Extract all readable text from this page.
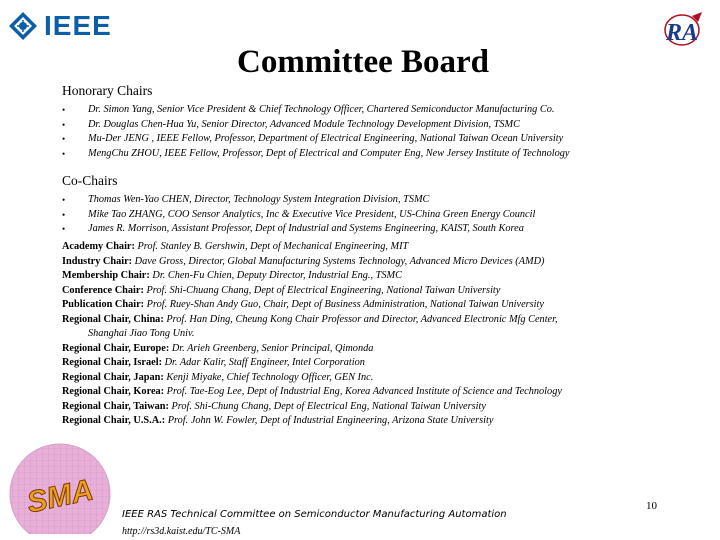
IEEE	RA
Committee Board
Honorary Chairs
• Dr. Simon Yang, Senior Vice President & Chief Technology Officer, Chartered Semiconductor Manufacturing Co.
• Dr. Douglas Chen-Hua Yu, Senior Director, Advanced Module Technology Development Division, TSMC
• Mu-Der JENG , IEEE Fellow, Professor, Department of Electrical Engineering, National Taiwan Ocean University
• MengChu ZHOU, IEEE Fellow, Professor, Dept of Electrical and Computer Eng, New Jersey Institute of Technology
Co-Chairs
• Thomas Wen-Yao CHEN, Director, Technology System Integration Division, TSMC
• Mike Tao ZHANG, COO Sensor Analytics, Inc & Executive Vice President, US-China Green Energy Council
• James R. Morrison, Assistant Professor, Dept of Industrial and Systems Engineering, KAIST, South Korea
Academy Chair: Prof. Stanley B. Gershwin, Dept of Mechanical Engineering, MIT
Industry Chair: Dave Gross, Director, Global Manufacturing Systems Technology, Advanced Micro Devices (AMD)
Membership Chair: Dr. Chen-Fu Chien, Deputy Director, Industrial Eng., TSMC
Conference Chair: Prof. Shi-Chuang Chang, Dept of Electrical Engineering, National Taiwan University
Publication Chair: Prof. Ruey-Shan Andy Guo, Chair, Dept of Business Administration, National Taiwan University
Regional Chair, China: Prof. Han Ding, Cheung Kong Chair Professor and Director, Advanced Electronic Mfg Center,
Shanghai Jiao Tong Univ.
Regional Chair, Europe: Dr. Arieh Greenberg, Senior Principal, Qimonda
Regional Chair, Israel: Dr. Adar Kalir, Staff Engineer, Intel Corporation
Regional Chair, Japan: Kenji Miyake, Chief Technology Officer, GEN Inc.
Regional Chair, Korea: Prof. Tae-Eog Lee, Dept of Industrial Eng, Korea Advanced Institute of Science and Technology
Regional Chair, Taiwan: Prof. Shi-Chung Chang, Dept of Electrical Eng, National Taiwan University
Regional Chair, U.S.A.: Prof. John W. Fowler, Dept of Industrial Engineering, Arizona State University
SMA	IEEE RAS Technical Committee on Semiconductor Manufacturing Automation
http://rs3d.kaist.edu/TC-SMA
10
